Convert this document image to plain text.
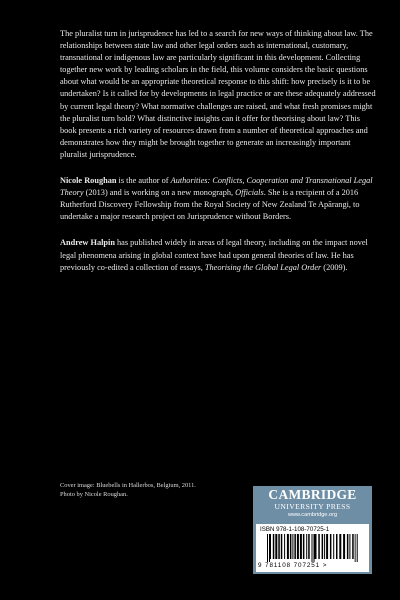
The pluralist turn in jurisprudence has led to a search for new ways of thinking about law. The relationships between state law and other legal orders such as international, customary, transnational or indigenous law are particularly significant in this development. Collecting together new work by leading scholars in the field, this volume considers the basic questions about what would be an appropriate theoretical response to this shift: how precisely is it to be undertaken? Is it called for by developments in legal practice or are these adequately addressed by current legal theory? What normative challenges are raised, and what fresh promises might the pluralist turn hold? What distinctive insights can it offer for theorising about law? This book presents a rich variety of resources drawn from a number of theoretical approaches and demonstrates how they might be brought together to generate an increasingly important pluralist jurisprudence.

Nicole Roughan is the author of Authorities: Conflicts, Cooperation and Transnational Legal Theory (2013) and is working on a new monograph, Officials. She is a recipient of a 2016 Rutherford Discovery Fellowship from the Royal Society of New Zealand Te Apārangi, to undertake a major research project on Jurisprudence without Borders.

Andrew Halpin has published widely in areas of legal theory, including on the impact novel legal phenomena arising in global context have had upon general theories of law. He has previously co-edited a collection of essays, Theorising the Global Legal Order (2009).

Cover image: Bluebells in Hallerbos, Belgium, 2011. Photo by Nicole Roughan.	CAMBRIDGE
UNIVERSITY PRESS
www.cambridge.org
ISBN 978-1-108-70725-1
9 781108 707251 >
